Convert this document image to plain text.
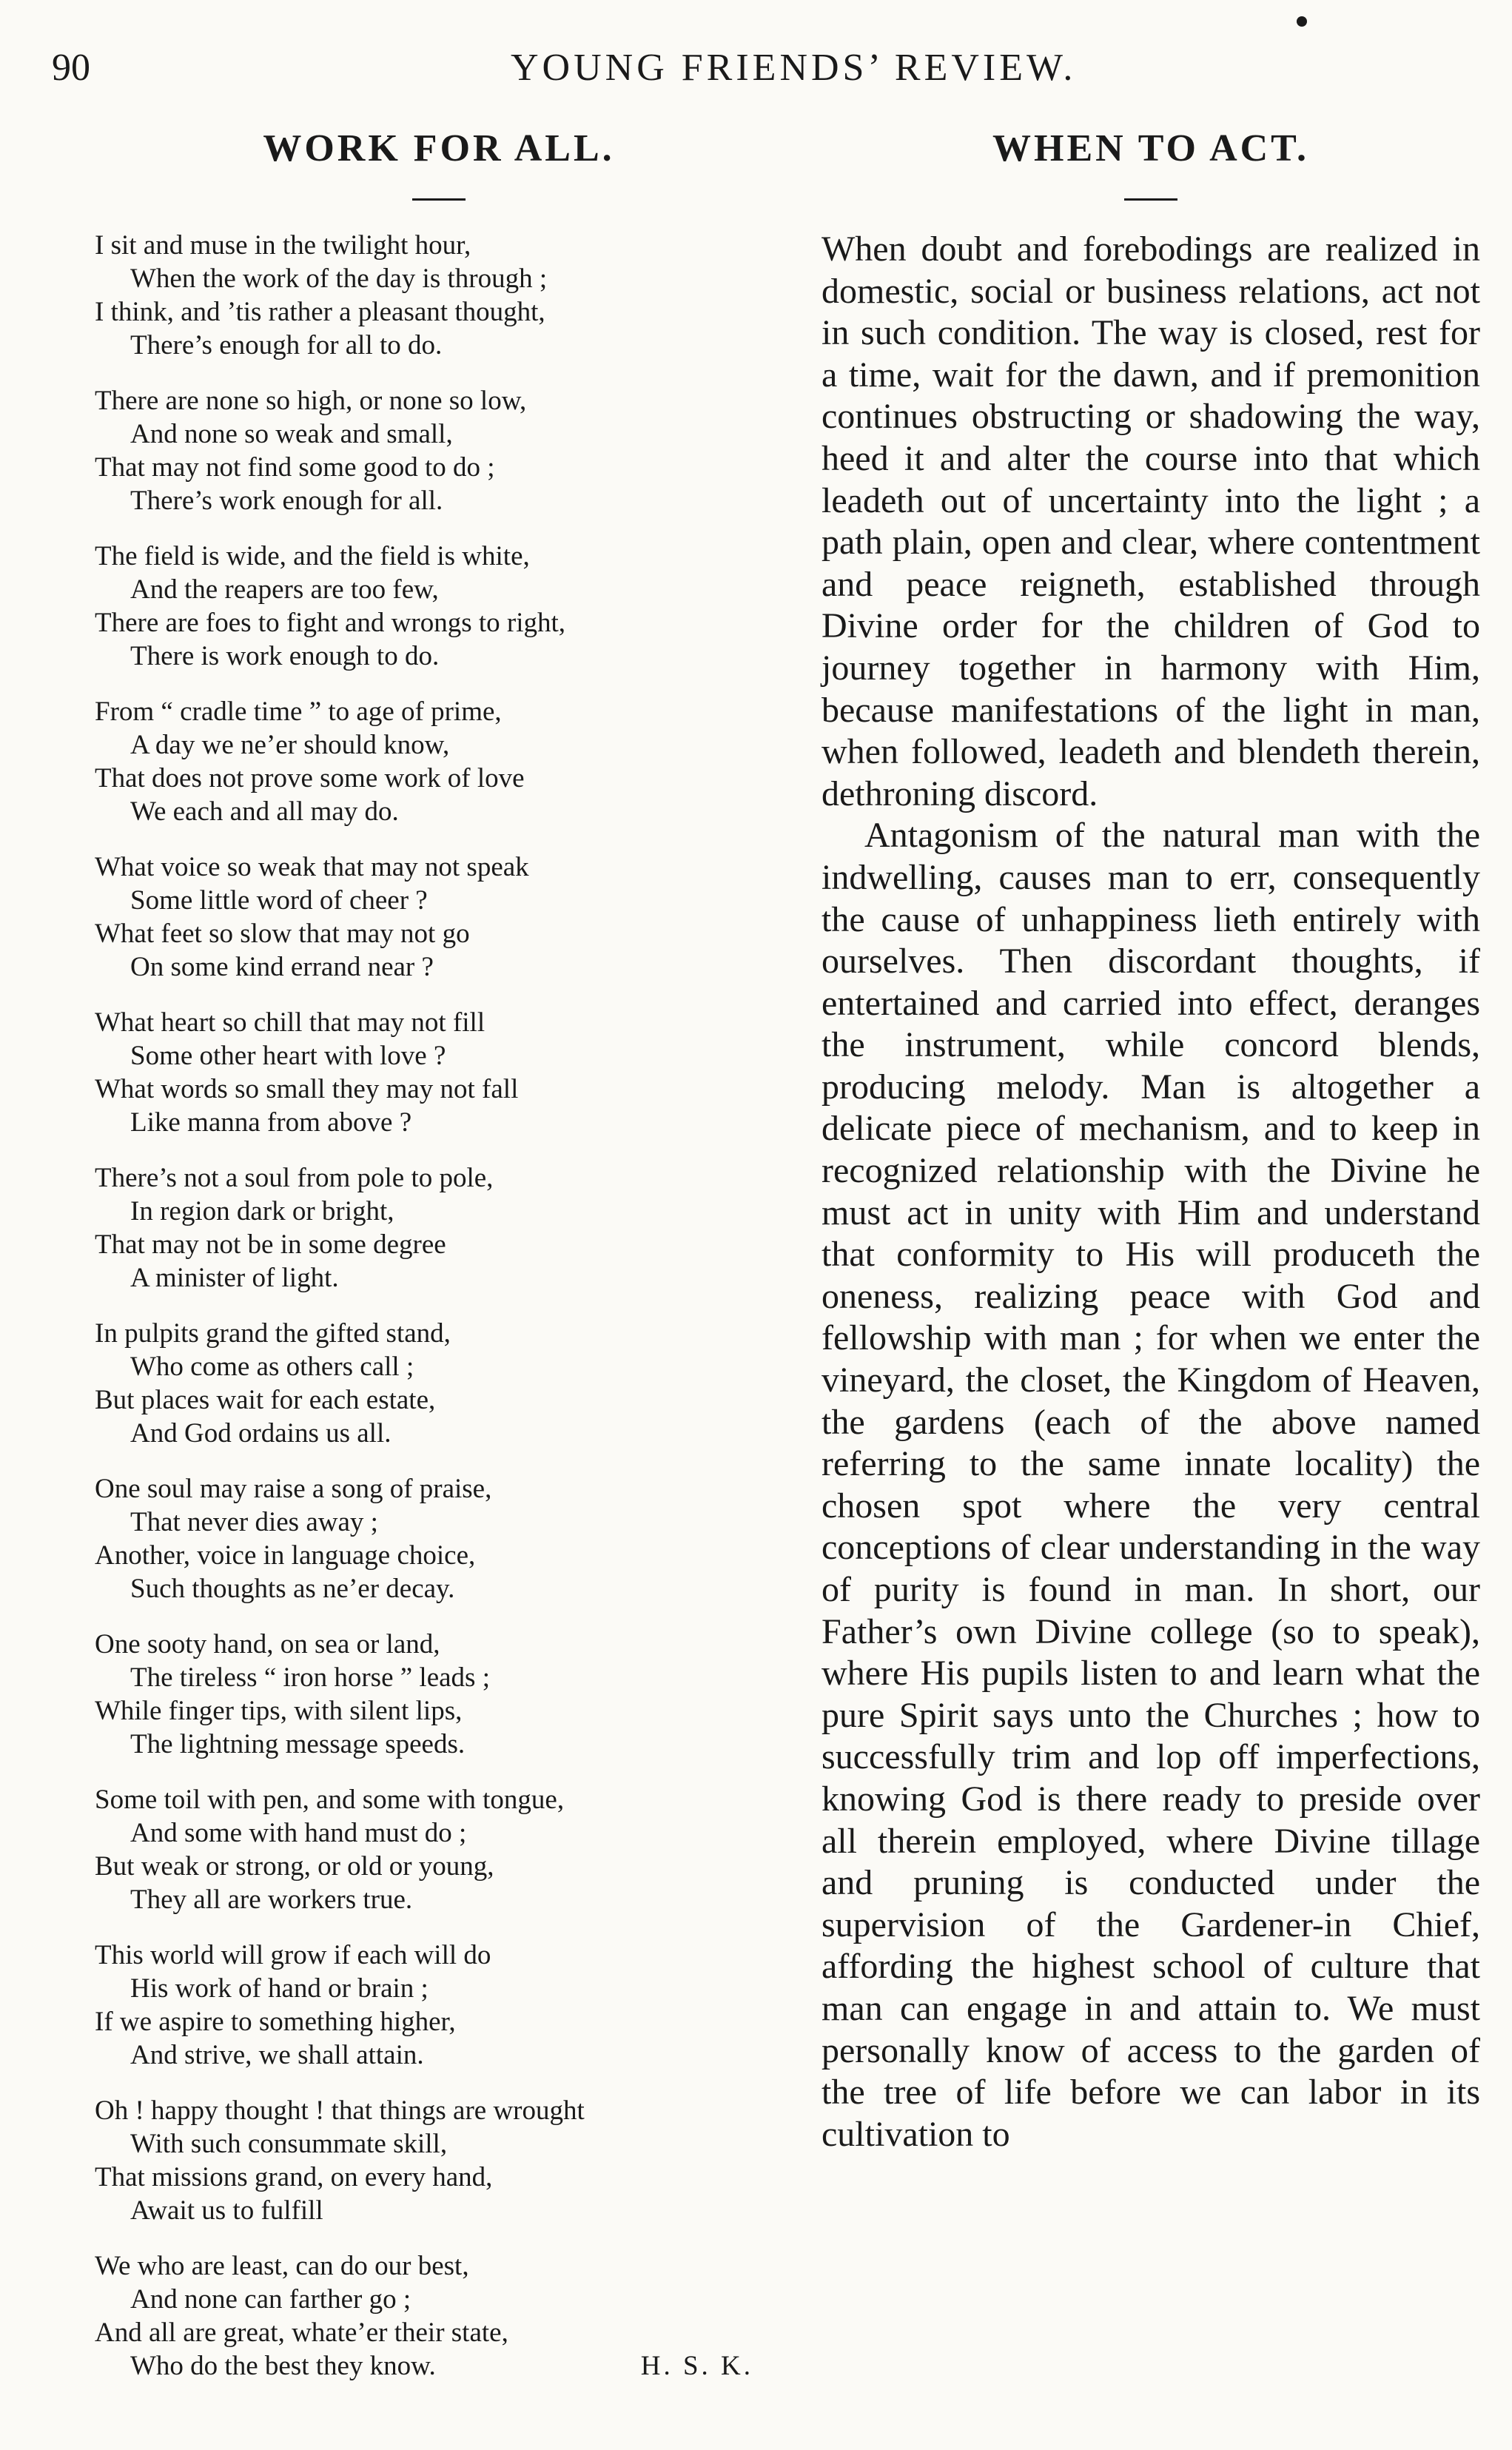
90	YOUNG FRIENDS’ REVIEW.
WORK FOR ALL.
I sit and muse in the twilight hour,
When the work of the day is through ;
I think, and ’tis rather a pleasant thought,
There’s enough for all to do.
There are none so high, or none so low,
And none so weak and small,
That may not find some good to do ;
There’s work enough for all.
The field is wide, and the field is white,
And the reapers are too few,
There are foes to fight and wrongs to right,
There is work enough to do.
From “ cradle time ” to age of prime,
A day we ne’er should know,
That does not prove some work of love
We each and all may do.
What voice so weak that may not speak
Some little word of cheer ?
What feet so slow that may not go
On some kind errand near ?
What heart so chill that may not fill
Some other heart with love ?
What words so small they may not fall
Like manna from above ?
There’s not a soul from pole to pole,
In region dark or bright,
That may not be in some degree
A minister of light.
In pulpits grand the gifted stand,
Who come as others call ;
But places wait for each estate,
And God ordains us all.
One soul may raise a song of praise,
That never dies away ;
Another, voice in language choice,
Such thoughts as ne’er decay.
One sooty hand, on sea or land,
The tireless “ iron horse ” leads ;
While finger tips, with silent lips,
The lightning message speeds.
Some toil with pen, and some with tongue,
And some with hand must do ;
But weak or strong, or old or young,
They all are workers true.
This world will grow if each will do
His work of hand or brain ;
If we aspire to something higher,
And strive, we shall attain.
Oh ! happy thought ! that things are wrought
With such consummate skill,
That missions grand, on every hand,
Await us to fulfill
We who are least, can do our best,
And none can farther go ;
And all are great, whate’er their state,
Who do the best they know.	H. S. K.
WHEN TO ACT.

When doubt and forebodings are realized in domestic, social or business relations, act not in such condition. The way is closed, rest for a time, wait for the dawn, and if premonition continues obstructing or shadowing the way, heed it and alter the course into that which leadeth out of uncertainty into the light ; a path plain, open and clear, where contentment and peace reigneth, established through Divine order for the children of God to journey together in harmony with Him, because manifestations of the light in man, when followed, leadeth and blendeth therein, dethroning discord.

Antagonism of the natural man with the indwelling, causes man to err, consequently the cause of unhappiness lieth entirely with ourselves. Then discordant thoughts, if entertained and carried into effect, deranges the instrument, while concord blends, producing melody. Man is altogether a delicate piece of mechanism, and to keep in recognized relationship with the Divine he must act in unity with Him and understand that conformity to His will produceth the oneness, realizing peace with God and fellowship with man ; for when we enter the vineyard, the closet, the Kingdom of Heaven, the gardens (each of the above named referring to the same innate locality) the chosen spot where the very central conceptions of clear understanding in the way of purity is found in man. In short, our Father’s own Divine college (so to speak), where His pupils listen to and learn what the pure Spirit says unto the Churches ; how to successfully trim and lop off imperfections, knowing God is there ready to preside over all therein employed, where Divine tillage and pruning is conducted under the supervision of the Gardener-in Chief, affording the highest school of culture that man can engage in and attain to. We must personally know of access to the garden of the tree of life before we can labor in its cultivation to
